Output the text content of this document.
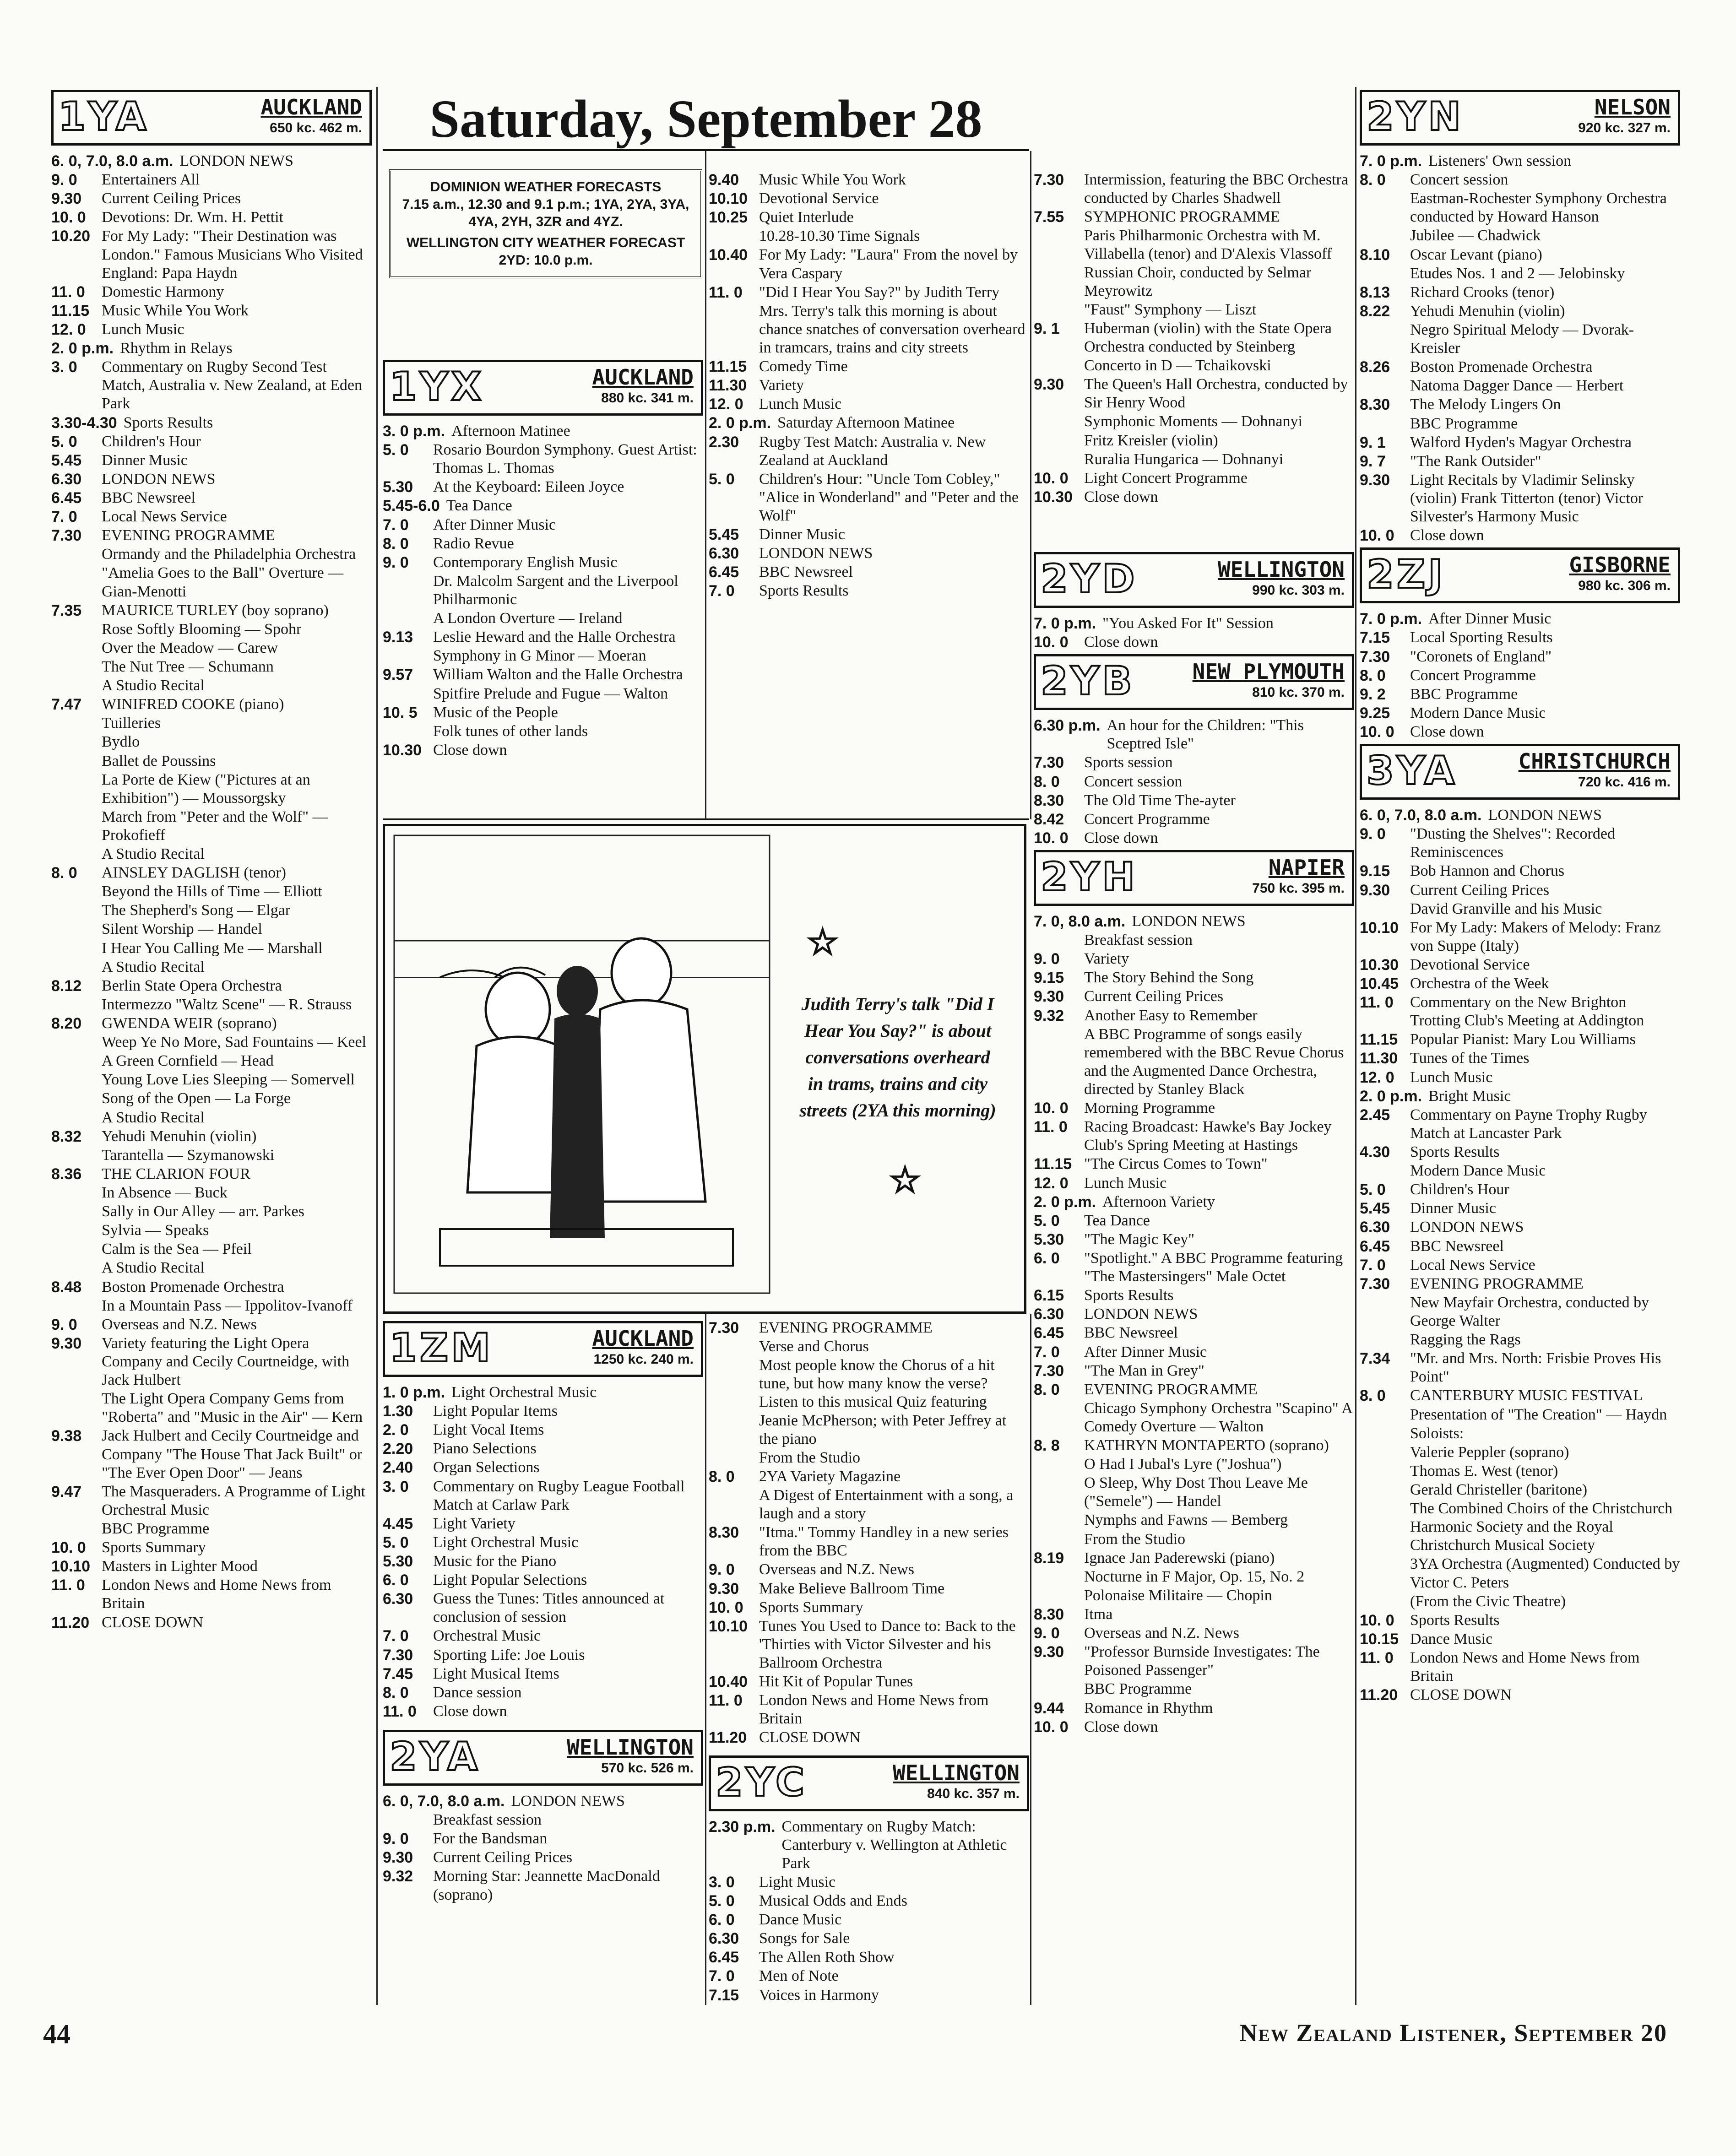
Saturday, September 28
1YA	AUCKLAND
650 kc. 462 m.
6. 0, 7.0, 8.0 a.m. LONDON NEWS
9. 0	Entertainers All
9.30	Current Ceiling Prices
10. 0	Devotions: Dr. Wm. H. Pettit
10.20 For My Lady: "Their Destination was London." Famous Musicians Who Visited England: Papa Haydn
11. 0	Domestic Harmony
11.15 Music While You Work
12. 0	Lunch Music
2. 0 p.m. Rhythm in Relays
3. 0	Commentary on Rugby Second Test Match, Australia v. New Zealand, at Eden Park
3.30-4.30 Sports Results
5. 0	Children's Hour
5.45	Dinner Music
6.30	LONDON NEWS
6.45	BBC Newsreel
7. 0	Local News Service
7.30	EVENING PROGRAMME
Ormandy and the Philadelphia Orchestra
"Amelia Goes to the Ball" Overture — Gian-Menotti
7.35	MAURICE TURLEY (boy soprano)
Rose Softly Blooming — Spohr
Over the Meadow — Carew
The Nut Tree — Schumann
A Studio Recital
7.47	WINIFRED COOKE (piano)
Tuilleries
Bydlo
Ballet de Poussins
La Porte de Kiew ("Pictures at an Exhibition") — Moussorgsky
March from "Peter and the Wolf" — Prokofieff
A Studio Recital
8. 0	AINSLEY DAGLISH (tenor)
Beyond the Hills of Time — Elliott
The Shepherd's Song — Elgar
Silent Worship — Handel
I Hear You Calling Me — Marshall
A Studio Recital
8.12	Berlin State Opera Orchestra
Intermezzo "Waltz Scene" — R. Strauss
8.20	GWENDA WEIR (soprano)
Weep Ye No More, Sad Fountains — Keel
A Green Cornfield — Head
Young Love Lies Sleeping — Somervell
Song of the Open — La Forge
A Studio Recital
8.32	Yehudi Menuhin (violin)
Tarantella — Szymanowski
8.36	THE CLARION FOUR
In Absence — Buck
Sally in Our Alley — arr. Parkes
Sylvia — Speaks
Calm is the Sea — Pfeil
A Studio Recital
8.48	Boston Promenade Orchestra
In a Mountain Pass — Ippolitov-Ivanoff
9. 0	Overseas and N.Z. News
9.30	Variety featuring the Light Opera Company and Cecily Courtneidge, with Jack Hulbert
The Light Opera Company Gems from "Roberta" and "Music in the Air" — Kern
9.38	Jack Hulbert and Cecily Courtneidge and Company "The House That Jack Built" or "The Ever Open Door" — Jeans
9.47	The Masqueraders. A Programme of Light Orchestral Music
BBC Programme
10. 0	Sports Summary
10.10 Masters in Lighter Mood
11. 0	London News and Home News from Britain
11.20 CLOSE DOWN
DOMINION WEATHER FORECASTS
7.15 a.m., 12.30 and 9.1 p.m.; 1YA, 2YA, 3YA, 4YA, 2YH, 3ZR and 4YZ.
WELLINGTON CITY WEATHER FORECAST
2YD: 10.0 p.m.
1YX	AUCKLAND
880 kc. 341 m.
3. 0 p.m. Afternoon Matinee
5. 0	Rosario Bourdon Symphony. Guest Artist: Thomas L. Thomas
5.30	At the Keyboard: Eileen Joyce
5.45-6.0 Tea Dance
7. 0	After Dinner Music
8. 0	Radio Revue
9. 0	Contemporary English Music
Dr. Malcolm Sargent and the Liverpool Philharmonic
A London Overture — Ireland
9.13	Leslie Heward and the Halle Orchestra
Symphony in G Minor — Moeran
9.57	William Walton and the Halle Orchestra
Spitfire Prelude and Fugue — Walton
10. 5	Music of the People
Folk tunes of other lands
10.30 Close down
9.40	Music While You Work
10.10 Devotional Service
10.25 Quiet Interlude
10.28-10.30 Time Signals
10.40 For My Lady: "Laura" From the novel by Vera Caspary
11. 0	"Did I Hear You Say?" by Judith Terry
Mrs. Terry's talk this morning is about chance snatches of conversation overheard in tramcars, trains and city streets
11.15 Comedy Time
11.30 Variety
12. 0	Lunch Music
2. 0 p.m. Saturday Afternoon Matinee
2.30	Rugby Test Match: Australia v. New Zealand at Auckland
5. 0	Children's Hour: "Uncle Tom Cobley," "Alice in Wonderland" and "Peter and the Wolf"
5.45	Dinner Music
6.30	LONDON NEWS
6.45	BBC Newsreel
7. 0	Sports Results
7.30	Intermission, featuring the BBC Orchestra conducted by Charles Shadwell
7.55	SYMPHONIC PROGRAMME
Paris Philharmonic Orchestra with M. Villabella (tenor) and D'Alexis Vlassoff Russian Choir, conducted by Selmar Meyrowitz
"Faust" Symphony — Liszt
9. 1	Huberman (violin) with the State Opera Orchestra conducted by Steinberg
Concerto in D — Tchaikovski
9.30	The Queen's Hall Orchestra, conducted by Sir Henry Wood
Symphonic Moments — Dohnanyi
Fritz Kreisler (violin)
Ruralia Hungarica — Dohnanyi
10. 0	Light Concert Programme
10.30 Close down
☆
☆
Judith Terry's talk "Did I Hear You Say?" is about conversations overheard in trams, trains and city streets (2YA this morning)
1ZM	AUCKLAND
1250 kc. 240 m.
1. 0 p.m. Light Orchestral Music
1.30	Light Popular Items
2. 0	Light Vocal Items
2.20	Piano Selections
2.40	Organ Selections
3. 0	Commentary on Rugby League Football Match at Carlaw Park
4.45	Light Variety
5. 0	Light Orchestral Music
5.30	Music for the Piano
6. 0	Light Popular Selections
6.30	Guess the Tunes: Titles announced at conclusion of session
7. 0	Orchestral Music
7.30	Sporting Life: Joe Louis
7.45	Light Musical Items
8. 0	Dance session
11. 0	Close down
2YA	WELLINGTON
570 kc. 526 m.
6. 0, 7.0, 8.0 a.m. LONDON NEWS
Breakfast session
9. 0	For the Bandsman
9.30	Current Ceiling Prices
9.32	Morning Star: Jeannette MacDonald (soprano)
7.30	EVENING PROGRAMME
Verse and Chorus
Most people know the Chorus of a hit tune, but how many know the verse? Listen to this musical Quiz featuring Jeanie McPherson; with Peter Jeffrey at the piano
From the Studio
8. 0	2YA Variety Magazine
A Digest of Entertainment with a song, a laugh and a story
8.30	"Itma." Tommy Handley in a new series from the BBC
9. 0	Overseas and N.Z. News
9.30	Make Believe Ballroom Time
10. 0	Sports Summary
10.10 Tunes You Used to Dance to: Back to the 'Thirties with Victor Silvester and his Ballroom Orchestra
10.40 Hit Kit of Popular Tunes
11. 0	London News and Home News from Britain
11.20 CLOSE DOWN
2YC	WELLINGTON
840 kc. 357 m.
2.30 p.m. Commentary on Rugby Match: Canterbury v. Wellington at Athletic Park
3. 0	Light Music
5. 0	Musical Odds and Ends
6. 0	Dance Music
6.30	Songs for Sale
6.45	The Allen Roth Show
7. 0	Men of Note
7.15	Voices in Harmony
2YD	WELLINGTON
990 kc. 303 m.
7. 0 p.m. "You Asked For It" Session
10. 0	Close down
2YB	NEW PLYMOUTH
810 kc. 370 m.
6.30 p.m. An hour for the Children: "This Sceptred Isle"
7.30	Sports session
8. 0	Concert session
8.30	The Old Time The-ayter
8.42	Concert Programme
10. 0	Close down
2YH	NAPIER
750 kc. 395 m.
7. 0, 8.0 a.m. LONDON NEWS
Breakfast session
9. 0	Variety
9.15	The Story Behind the Song
9.30	Current Ceiling Prices
9.32	Another Easy to Remember
A BBC Programme of songs easily remembered with the BBC Revue Chorus and the Augmented Dance Orchestra, directed by Stanley Black
10. 0	Morning Programme
11. 0	Racing Broadcast: Hawke's Bay Jockey Club's Spring Meeting at Hastings
11.15 "The Circus Comes to Town"
12. 0	Lunch Music
2. 0 p.m. Afternoon Variety
5. 0	Tea Dance
5.30	"The Magic Key"
6. 0	"Spotlight." A BBC Programme featuring "The Mastersingers" Male Octet
6.15	Sports Results
6.30	LONDON NEWS
6.45	BBC Newsreel
7. 0	After Dinner Music
7.30	"The Man in Grey"
8. 0	EVENING PROGRAMME
Chicago Symphony Orchestra "Scapino" A Comedy Overture — Walton
8. 8	KATHRYN MONTAPERTO (soprano)
O Had I Jubal's Lyre ("Joshua")
O Sleep, Why Dost Thou Leave Me ("Semele") — Handel
Nymphs and Fawns — Bemberg
From the Studio
8.19	Ignace Jan Paderewski (piano)
Nocturne in F Major, Op. 15, No. 2
Polonaise Militaire — Chopin
8.30	Itma
9. 0	Overseas and N.Z. News
9.30	"Professor Burnside Investigates: The Poisoned Passenger"
BBC Programme
9.44	Romance in Rhythm
10. 0	Close down
2YN	NELSON
920 kc. 327 m.
7. 0 p.m. Listeners' Own session
8. 0	Concert session
Eastman-Rochester Symphony Orchestra conducted by Howard Hanson
Jubilee — Chadwick
8.10	Oscar Levant (piano)
Etudes Nos. 1 and 2 — Jelobinsky
8.13	Richard Crooks (tenor)
8.22	Yehudi Menuhin (violin)
Negro Spiritual Melody — Dvorak-Kreisler
8.26	Boston Promenade Orchestra
Natoma Dagger Dance — Herbert
8.30	The Melody Lingers On
BBC Programme
9. 1	Walford Hyden's Magyar Orchestra
9. 7	"The Rank Outsider"
9.30	Light Recitals by Vladimir Selinsky (violin) Frank Titterton (tenor) Victor Silvester's Harmony Music
10. 0	Close down
2ZJ	GISBORNE
980 kc. 306 m.
7. 0 p.m. After Dinner Music
7.15	Local Sporting Results
7.30	"Coronets of England"
8. 0	Concert Programme
9. 2	BBC Programme
9.25	Modern Dance Music
10. 0	Close down
3YA	CHRISTCHURCH
720 kc. 416 m.
6. 0, 7.0, 8.0 a.m. LONDON NEWS
9. 0	"Dusting the Shelves": Recorded Reminiscences
9.15	Bob Hannon and Chorus
9.30	Current Ceiling Prices
David Granville and his Music
10.10 For My Lady: Makers of Melody: Franz von Suppe (Italy)
10.30 Devotional Service
10.45 Orchestra of the Week
11. 0	Commentary on the New Brighton Trotting Club's Meeting at Addington
11.15 Popular Pianist: Mary Lou Williams
11.30 Tunes of the Times
12. 0	Lunch Music
2. 0 p.m. Bright Music
2.45	Commentary on Payne Trophy Rugby Match at Lancaster Park
4.30	Sports Results
Modern Dance Music
5. 0	Children's Hour
5.45	Dinner Music
6.30	LONDON NEWS
6.45	BBC Newsreel
7. 0	Local News Service
7.30	EVENING PROGRAMME
New Mayfair Orchestra, conducted by George Walter
Ragging the Rags
7.34	"Mr. and Mrs. North: Frisbie Proves His Point"
8. 0	CANTERBURY MUSIC FESTIVAL
Presentation of "The Creation" — Haydn
Soloists:
Valerie Peppler (soprano)
Thomas E. West (tenor)
Gerald Christeller (baritone)
The Combined Choirs of the Christchurch Harmonic Society and the Royal Christchurch Musical Society
3YA Orchestra (Augmented) Conducted by Victor C. Peters
(From the Civic Theatre)
10. 0	Sports Results
10.15 Dance Music
11. 0	London News and Home News from Britain
11.20 CLOSE DOWN
44	New Zealand Listener, September 20
